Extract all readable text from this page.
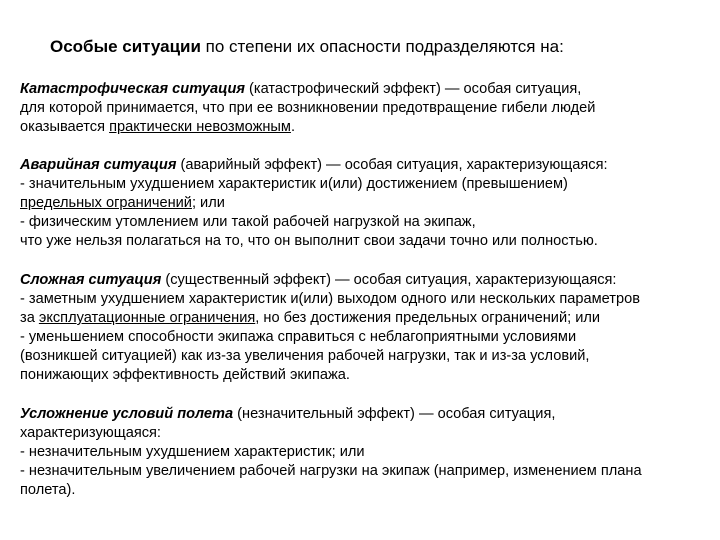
Особые ситуации по степени их опасности подразделяются на:
Катастрофическая ситуация (катастрофический эффект) — особая ситуация,
для которой принимается, что при ее возникновении предотвращение гибели людей
оказывается практически невозможным.
Аварийная ситуация (аварийный эффект) — особая ситуация, характеризующаяся:
- значительным ухудшением характеристик и(или) достижением (превышением)
предельных ограничений; или
- физическим утомлением или такой рабочей нагрузкой на экипаж,
что уже нельзя полагаться на то, что он выполнит свои задачи точно или полностью.
Сложная ситуация (существенный эффект) — особая ситуация, характеризующаяся:
- заметным ухудшением характеристик и(или) выходом одного или нескольких параметров
за эксплуатационные ограничения, но без достижения предельных ограничений; или
- уменьшением способности экипажа справиться с неблагоприятными условиями
(возникшей ситуацией) как из-за увеличения рабочей нагрузки, так и из-за условий,
понижающих эффективность действий экипажа.
Усложнение условий полета (незначительный эффект) — особая ситуация,
характеризующаяся:
- незначительным ухудшением характеристик; или
- незначительным увеличением рабочей нагрузки на экипаж (например, изменением плана
полета).
